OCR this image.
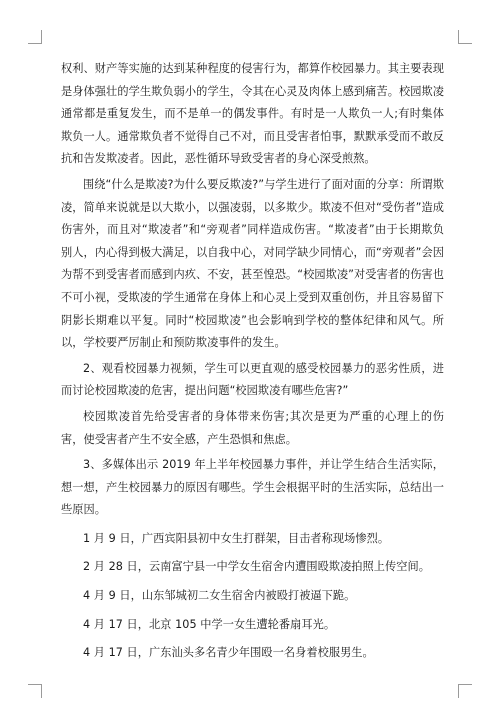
权利、财产等实施的达到某种程度的侵害行为，都算作校园暴力。其主要表现是身体强壮的学生欺负弱小的学生，令其在心灵及肉体上感到痛苦。校园欺凌通常都是重复发生，而不是单一的偶发事件。有时是一人欺负一人;有时集体欺负一人。通常欺负者不觉得自己不对，而且受害者怕事，默默承受而不敢反抗和告发欺凌者。因此，恶性循环导致受害者的身心深受煎熬。

围绕“什么是欺凌?为什么要反欺凌?”与学生进行了面对面的分享：所谓欺凌，简单来说就是以大欺小，以强凌弱，以多欺少。欺凌不但对“受伤者”造成伤害外，而且对“欺凌者”和“旁观者”同样造成伤害。“欺凌者”由于长期欺负别人，内心得到极大满足，以自我中心，对同学缺少同情心，而“旁观者”会因为帮不到受害者而感到内疚、不安，甚至惶恐。“校园欺凌”对受害者的伤害也不可小视，受欺凌的学生通常在身体上和心灵上受到双重创伤，并且容易留下阴影长期难以平复。同时“校园欺凌”也会影响到学校的整体纪律和风气。所以，学校要严厉制止和预防欺凌事件的发生。

2、观看校园暴力视频，学生可以更直观的感受校园暴力的恶劣性质，进而讨论校园欺凌的危害，提出问题“校园欺凌有哪些危害?”

校园欺凌首先给受害者的身体带来伤害;其次是更为严重的心理上的伤害，使受害者产生不安全感，产生恐惧和焦虑。

3、多媒体出示 2019 年上半年校园暴力事件，并让学生结合生活实际，想一想，产生校园暴力的原因有哪些。学生会根据平时的生活实际，总结出一些原因。

1 月 9 日，广西宾阳县初中女生打群架，目击者称现场惨烈。

2 月 28 日，云南富宁县一中学女生宿舍内遭围殴欺凌拍照上传空间。

4 月 9 日，山东邹城初二女生宿舍内被殴打被逼下跪。

4 月 17 日，北京 105 中学一女生遭轮番扇耳光。

4 月 17 日，广东汕头多名青少年围殴一名身着校服男生。
